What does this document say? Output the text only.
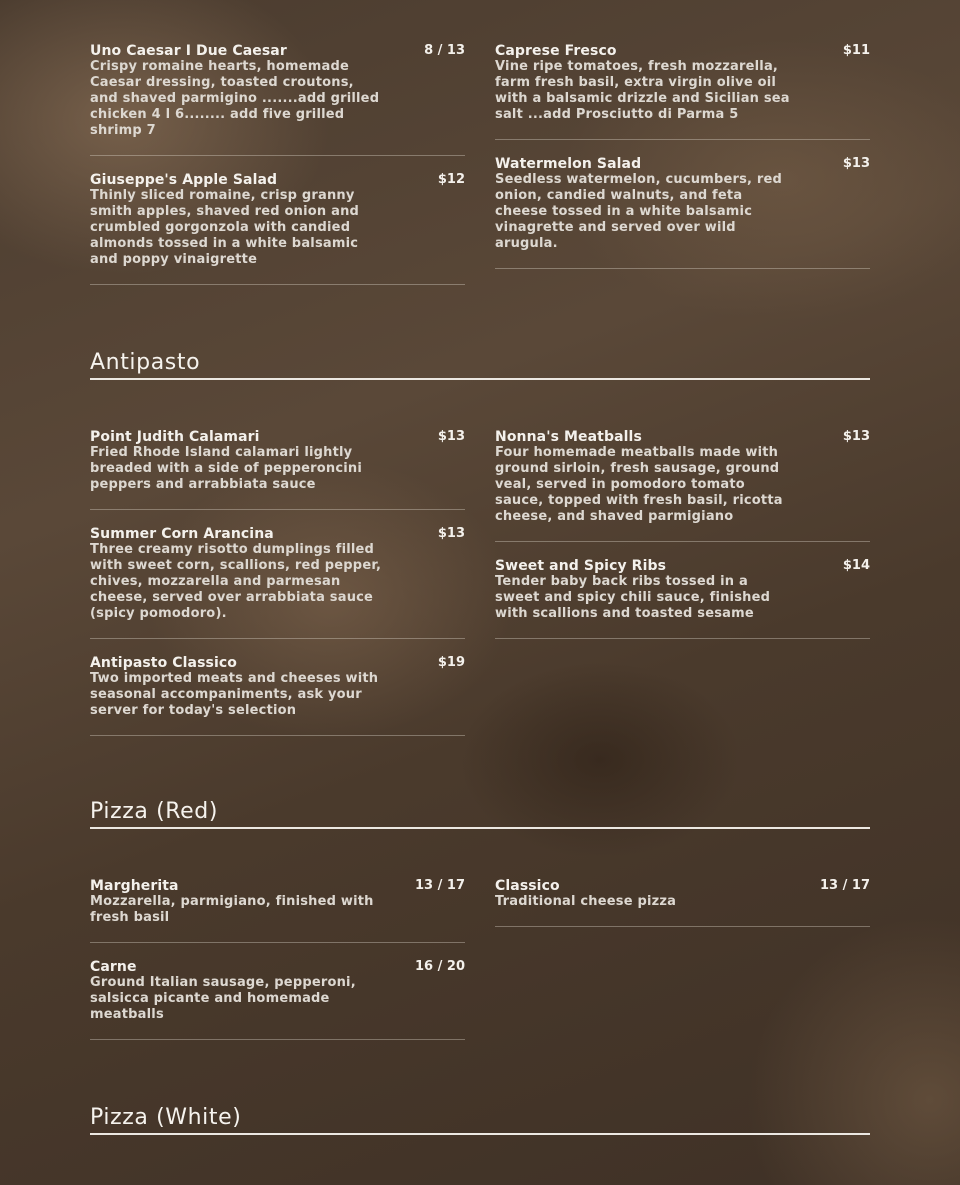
Uno Caesar I Due Caesar	8 / 13
Crispy romaine hearts, homemade Caesar dressing, toasted croutons, and shaved parmigino .......add grilled chicken 4 l 6........ add five grilled shrimp 7
Giuseppe's Apple Salad	$12
Thinly sliced romaine, crisp granny smith apples, shaved red onion and crumbled gorgonzola with candied almonds tossed in a white balsamic and poppy vinaigrette
Caprese Fresco	$11
Vine ripe tomatoes, fresh mozzarella, farm fresh basil, extra virgin olive oil with a balsamic drizzle and Sicilian sea salt ...add Prosciutto di Parma 5
Watermelon Salad	$13
Seedless watermelon, cucumbers, red onion, candied walnuts, and feta cheese tossed in a white balsamic vinagrette and served over wild arugula.
Antipasto
Point Judith Calamari	$13
Fried Rhode Island calamari lightly breaded with a side of pepperoncini peppers and arrabbiata sauce
Summer Corn Arancina	$13
Three creamy risotto dumplings filled with sweet corn, scallions, red pepper, chives, mozzarella and parmesan cheese, served over arrabbiata sauce (spicy pomodoro).
Antipasto Classico	$19
Two imported meats and cheeses with seasonal accompaniments, ask your server for today's selection
Nonna's Meatballs	$13
Four homemade meatballs made with ground sirloin, fresh sausage, ground veal, served in pomodoro tomato sauce, topped with fresh basil, ricotta cheese, and shaved parmigiano
Sweet and Spicy Ribs	$14
Tender baby back ribs tossed in a sweet and spicy chili sauce, finished with scallions and toasted sesame
Pizza (Red)
Margherita	13 / 17
Mozzarella, parmigiano, finished with fresh basil
Carne	16 / 20
Ground Italian sausage, pepperoni, salsicca picante and homemade meatballs
Classico	13 / 17
Traditional cheese pizza
Pizza (White)
